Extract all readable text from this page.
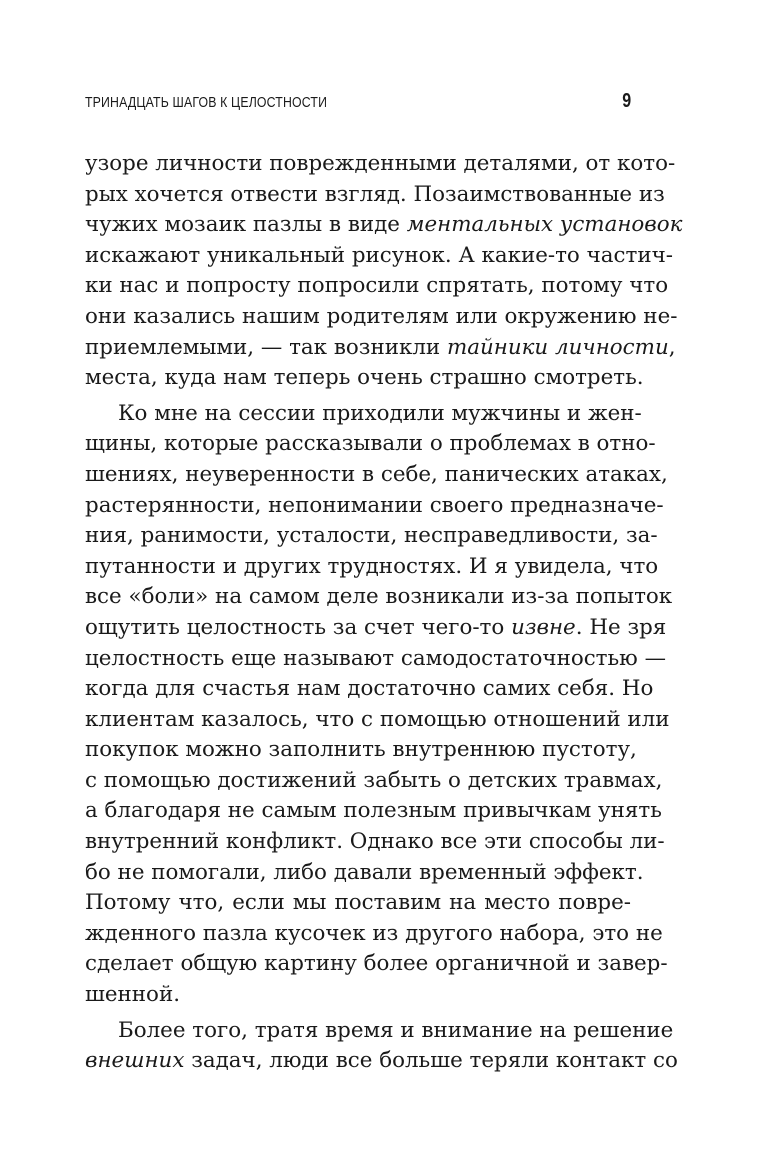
ТРИНАДЦАТЬ ШАГОВ К ЦЕЛОСТНОСТИ	9
узоре личности поврежденными деталями, от кото-
рых хочется отвести взгляд. Позаимствованные из
чужих мозаик пазлы в виде ментальных установок
искажают уникальный рисунок. А какие-то частич-
ки нас и попросту попросили спрятать, потому что
они казались нашим родителям или окружению не-
приемлемыми, — так возникли тайники личности,
места, куда нам теперь очень страшно смотреть.
Ко мне на сессии приходили мужчины и жен-
щины, которые рассказывали о проблемах в отно-
шениях, неуверенности в себе, панических атаках,
растерянности, непонимании своего предназначе-
ния, ранимости, усталости, несправедливости, за-
путанности и других трудностях. И я увидела, что
все «боли» на самом деле возникали из-за попыток
ощутить целостность за счет чего-то извне. Не зря
целостность еще называют самодостаточностью —
когда для счастья нам достаточно самих себя. Но
клиентам казалось, что с помощью отношений или
покупок можно заполнить внутреннюю пустоту,
с помощью достижений забыть о детских травмах,
а благодаря не самым полезным привычкам унять
внутренний конфликт. Однако все эти способы ли-
бо не помогали, либо давали временный эффект.
Потому что, если мы поставим на место повре-
жденного пазла кусочек из другого набора, это не
сделает общую картину более органичной и завер-
шенной.
Более того, тратя время и внимание на решение
внешних задач, люди все больше теряли контакт со
